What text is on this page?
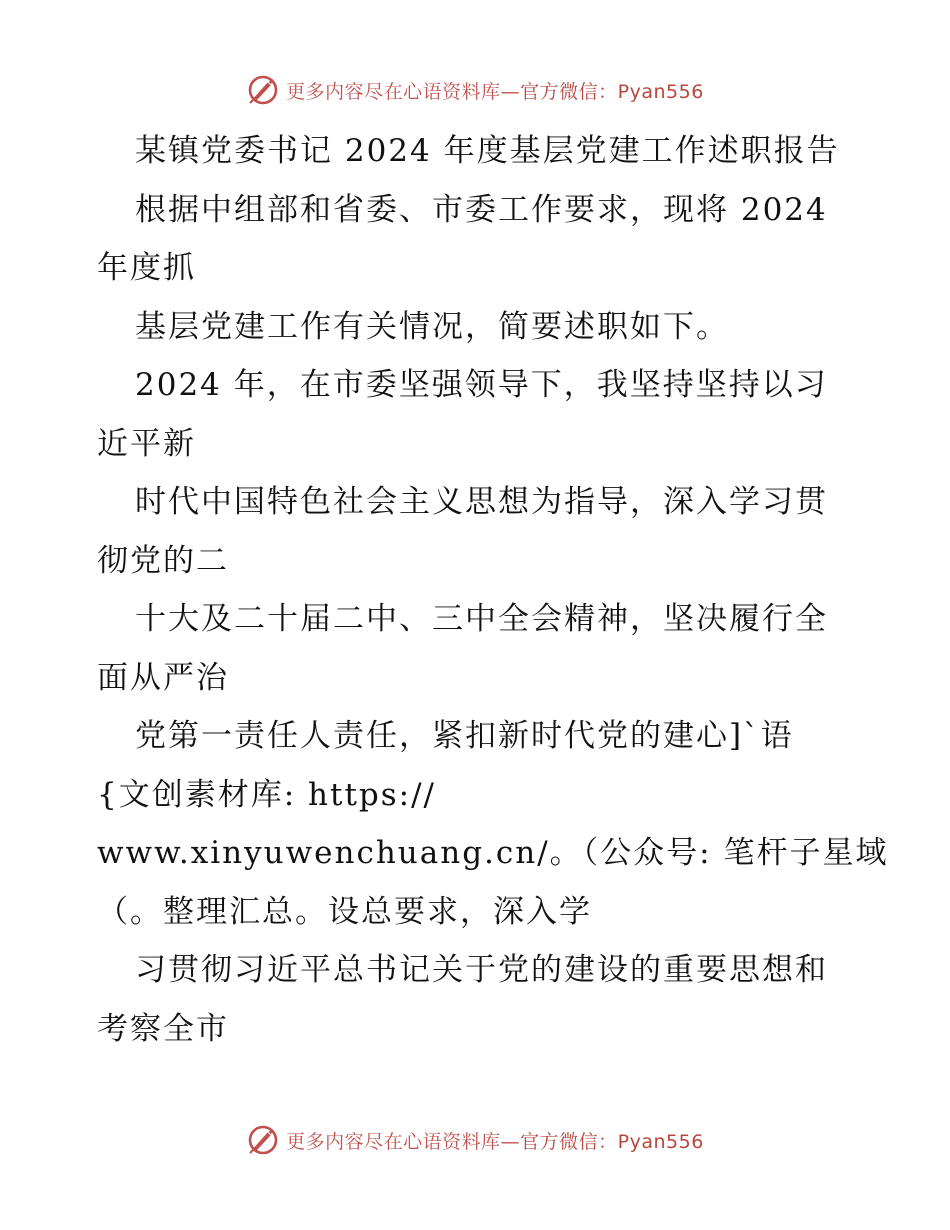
更多内容尽在心语资料库—官方微信：Pyan556
某镇党委书记 2024 年度基层党建工作述职报告
根据中组部和省委、市委工作要求，现将 2024
年度抓
基层党建工作有关情况，简要述职如下。
2024 年，在市委坚强领导下，我坚持坚持以习
近平新
时代中国特色社会主义思想为指导，深入学习贯
彻党的二
十大及二十届二中、三中全会精神，坚决履行全
面从严治
党第一责任人责任，紧扣新时代党的建心]`语
{文创素材库: https://
www.xinyuwenchuang.cn/。（公众号: 笔杆子星域
（。整理汇总。设总要求，深入学
习贯彻习近平总书记关于党的建设的重要思想和
考察全市
更多内容尽在心语资料库—官方微信：Pyan556
